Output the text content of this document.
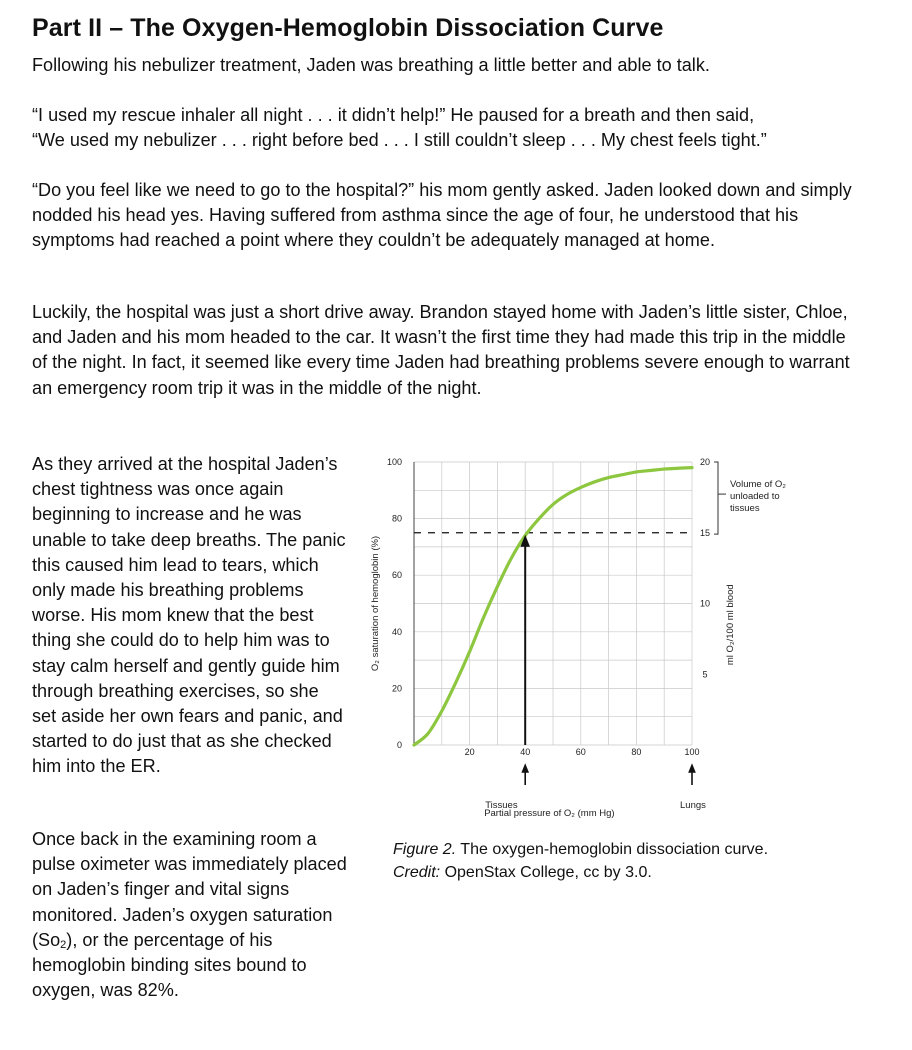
Part II – The Oxygen-Hemoglobin Dissociation Curve

Following his nebulizer treatment, Jaden was breathing a little better and able to talk.

“I used my rescue inhaler all night . . . it didn’t help!” He paused for a breath and then said,
“We used my nebulizer . . . right before bed . . . I still couldn’t sleep . . . My chest feels tight.”

“Do you feel like we need to go to the hospital?” his mom gently asked. Jaden looked down and simply nodded his head yes. Having suffered from asthma since the age of four, he understood that his symptoms had reached a point where they couldn’t be adequately managed at home.

Luckily, the hospital was just a short drive away. Brandon stayed home with Jaden’s little sister, Chloe, and Jaden and his mom headed to the car. It wasn’t the first time they had made this trip in the middle of the night. In fact, it seemed like every time Jaden had breathing problems severe enough to warrant an emergency room trip it was in the middle of the night.

As they arrived at the hospital Jaden’s chest tightness was once again beginning to increase and he was unable to take deep breaths. The panic this caused him lead to tears, which only made his breathing problems worse. His mom knew that the best thing she could do to help him was to stay calm herself and gently guide him through breathing exercises, so she set aside her own fears and panic, and started to do just that as she checked him into the ER.

Once back in the examining room a pulse oximeter was immediately placed on Jaden’s finger and vital signs monitored. Jaden’s oxygen saturation $(So_2)$, or the percentage of his hemoglobin binding sites bound to oxygen, was 82%.

0
20
40
60
80
100
20	40	60	80	100
5
10
15
20
O₂ saturation of hemoglobin (%)	ml O₂/100 ml blood
Partial pressure of O₂ (mm Hg)
Tissues	Lungs
Volume of O₂
unloaded to
tissues
Figure 2. The oxygen-hemoglobin dissociation curve.
Credit: OpenStax College, cc by 3.0.
